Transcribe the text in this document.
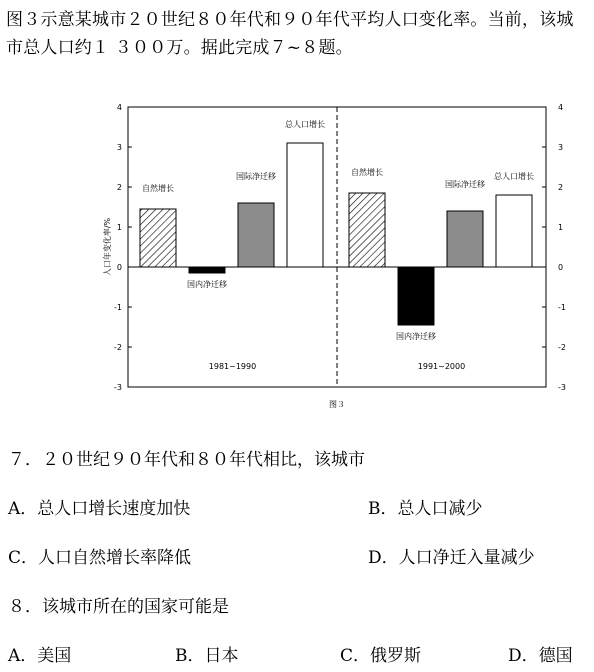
图３示意某城市２０世纪８０年代和９０年代平均人口变化率。当前，该城

市总人口约１ ３００万。据此完成７~８题。

-3	-3
-2	-2
-1	-1
0	0
1	1
2	2
3	3
4	4
人口年变化率/%
自然增长
国内净迁移
国际净迁移
总人口增长
1981~1990
自然增长
国内净迁移
国际净迁移
总人口增长
1991~2000
图３
７．２０世纪９０年代和８０年代相比，该城市
A．总人口增长速度加快	B．总人口减少
C．人口自然增长率降低	D．人口净迁入量减少
８．该城市所在的国家可能是
A．美国	B．日本	C．俄罗斯	D．德国
